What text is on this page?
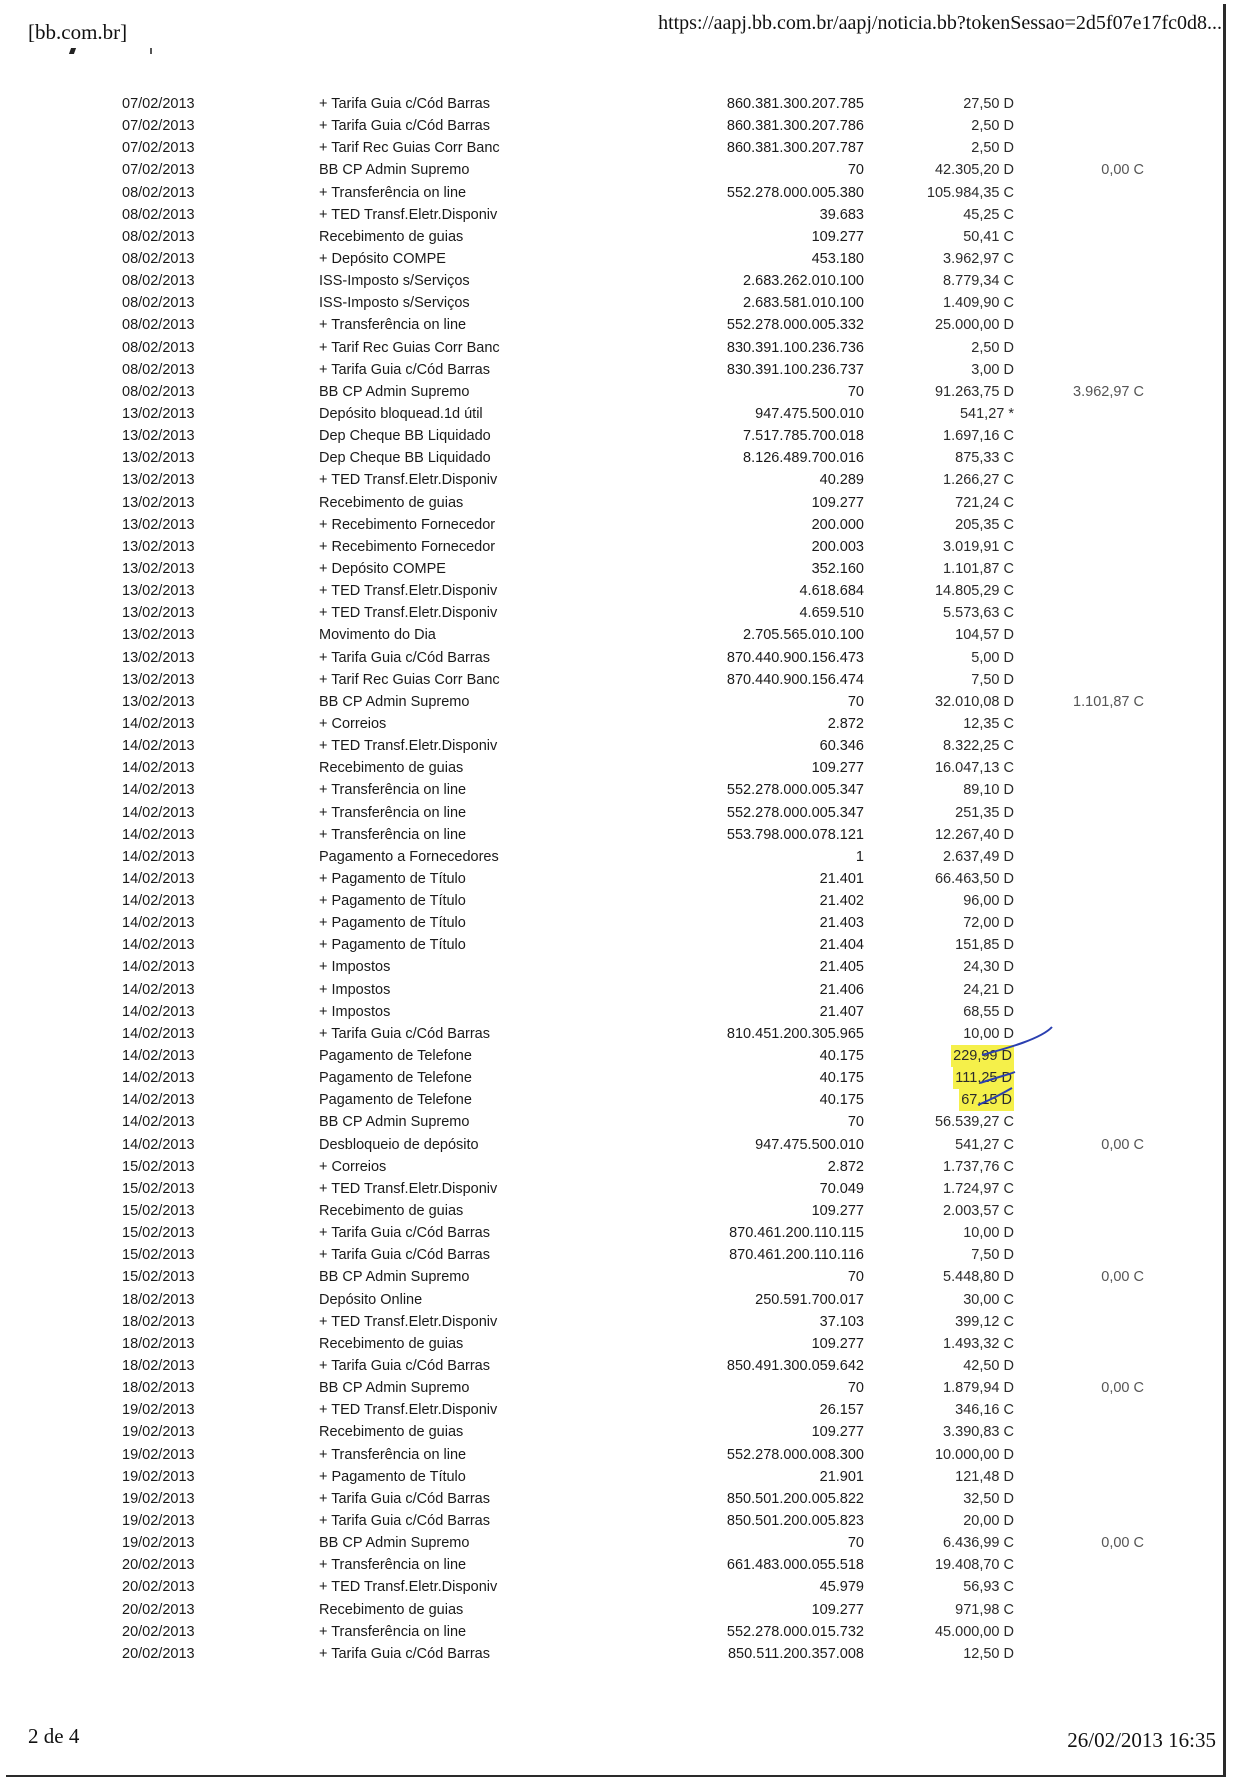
[bb.com.br]	https://aapj.bb.com.br/aapj/noticia.bb?tokenSessao=2d5f07e17fc0d8...
07/02/2013	+ Tarifa Guia c/Cód Barras	860.381.300.207.785	27,50 D
07/02/2013	+ Tarifa Guia c/Cód Barras	860.381.300.207.786	2,50 D
07/02/2013	+ Tarif Rec Guias Corr Banc	860.381.300.207.787	2,50 D
07/02/2013	BB CP Admin Supremo	70	42.305,20 D	0,00 C
08/02/2013	+ Transferência on line	552.278.000.005.380	105.984,35 C
08/02/2013	+ TED Transf.Eletr.Disponiv	39.683	45,25 C
08/02/2013	Recebimento de guias	109.277	50,41 C
08/02/2013	+ Depósito COMPE	453.180	3.962,97 C
08/02/2013	ISS-Imposto s/Serviços	2.683.262.010.100	8.779,34 C
08/02/2013	ISS-Imposto s/Serviços	2.683.581.010.100	1.409,90 C
08/02/2013	+ Transferência on line	552.278.000.005.332	25.000,00 D
08/02/2013	+ Tarif Rec Guias Corr Banc	830.391.100.236.736	2,50 D
08/02/2013	+ Tarifa Guia c/Cód Barras	830.391.100.236.737	3,00 D
08/02/2013	BB CP Admin Supremo	70	91.263,75 D	3.962,97 C
13/02/2013	Depósito bloquead.1d útil	947.475.500.010	541,27 *
13/02/2013	Dep Cheque BB Liquidado	7.517.785.700.018	1.697,16 C
13/02/2013	Dep Cheque BB Liquidado	8.126.489.700.016	875,33 C
13/02/2013	+ TED Transf.Eletr.Disponiv	40.289	1.266,27 C
13/02/2013	Recebimento de guias	109.277	721,24 C
13/02/2013	+ Recebimento Fornecedor	200.000	205,35 C
13/02/2013	+ Recebimento Fornecedor	200.003	3.019,91 C
13/02/2013	+ Depósito COMPE	352.160	1.101,87 C
13/02/2013	+ TED Transf.Eletr.Disponiv	4.618.684	14.805,29 C
13/02/2013	+ TED Transf.Eletr.Disponiv	4.659.510	5.573,63 C
13/02/2013	Movimento do Dia	2.705.565.010.100	104,57 D
13/02/2013	+ Tarifa Guia c/Cód Barras	870.440.900.156.473	5,00 D
13/02/2013	+ Tarif Rec Guias Corr Banc	870.440.900.156.474	7,50 D
13/02/2013	BB CP Admin Supremo	70	32.010,08 D	1.101,87 C
14/02/2013	+ Correios	2.872	12,35 C
14/02/2013	+ TED Transf.Eletr.Disponiv	60.346	8.322,25 C
14/02/2013	Recebimento de guias	109.277	16.047,13 C
14/02/2013	+ Transferência on line	552.278.000.005.347	89,10 D
14/02/2013	+ Transferência on line	552.278.000.005.347	251,35 D
14/02/2013	+ Transferência on line	553.798.000.078.121	12.267,40 D
14/02/2013	Pagamento a Fornecedores	1	2.637,49 D
14/02/2013	+ Pagamento de Título	21.401	66.463,50 D
14/02/2013	+ Pagamento de Título	21.402	96,00 D
14/02/2013	+ Pagamento de Título	21.403	72,00 D
14/02/2013	+ Pagamento de Título	21.404	151,85 D
14/02/2013	+ Impostos	21.405	24,30 D
14/02/2013	+ Impostos	21.406	24,21 D
14/02/2013	+ Impostos	21.407	68,55 D
14/02/2013	+ Tarifa Guia c/Cód Barras	810.451.200.305.965	10,00 D
14/02/2013	Pagamento de Telefone	40.175	229,99 D
14/02/2013	Pagamento de Telefone	40.175	111,25 D
14/02/2013	Pagamento de Telefone	40.175	67,15 D
14/02/2013	BB CP Admin Supremo	70	56.539,27 C
14/02/2013	Desbloqueio de depósito	947.475.500.010	541,27 C	0,00 C
15/02/2013	+ Correios	2.872	1.737,76 C
15/02/2013	+ TED Transf.Eletr.Disponiv	70.049	1.724,97 C
15/02/2013	Recebimento de guias	109.277	2.003,57 C
15/02/2013	+ Tarifa Guia c/Cód Barras	870.461.200.110.115	10,00 D
15/02/2013	+ Tarifa Guia c/Cód Barras	870.461.200.110.116	7,50 D
15/02/2013	BB CP Admin Supremo	70	5.448,80 D	0,00 C
18/02/2013	Depósito Online	250.591.700.017	30,00 C
18/02/2013	+ TED Transf.Eletr.Disponiv	37.103	399,12 C
18/02/2013	Recebimento de guias	109.277	1.493,32 C
18/02/2013	+ Tarifa Guia c/Cód Barras	850.491.300.059.642	42,50 D
18/02/2013	BB CP Admin Supremo	70	1.879,94 D	0,00 C
19/02/2013	+ TED Transf.Eletr.Disponiv	26.157	346,16 C
19/02/2013	Recebimento de guias	109.277	3.390,83 C
19/02/2013	+ Transferência on line	552.278.000.008.300	10.000,00 D
19/02/2013	+ Pagamento de Título	21.901	121,48 D
19/02/2013	+ Tarifa Guia c/Cód Barras	850.501.200.005.822	32,50 D
19/02/2013	+ Tarifa Guia c/Cód Barras	850.501.200.005.823	20,00 D
19/02/2013	BB CP Admin Supremo	70	6.436,99 C	0,00 C
20/02/2013	+ Transferência on line	661.483.000.055.518	19.408,70 C
20/02/2013	+ TED Transf.Eletr.Disponiv	45.979	56,93 C
20/02/2013	Recebimento de guias	109.277	971,98 C
20/02/2013	+ Transferência on line	552.278.000.015.732	45.000,00 D
20/02/2013	+ Tarifa Guia c/Cód Barras	850.511.200.357.008	12,50 D
2 de 4	26/02/2013 16:35
